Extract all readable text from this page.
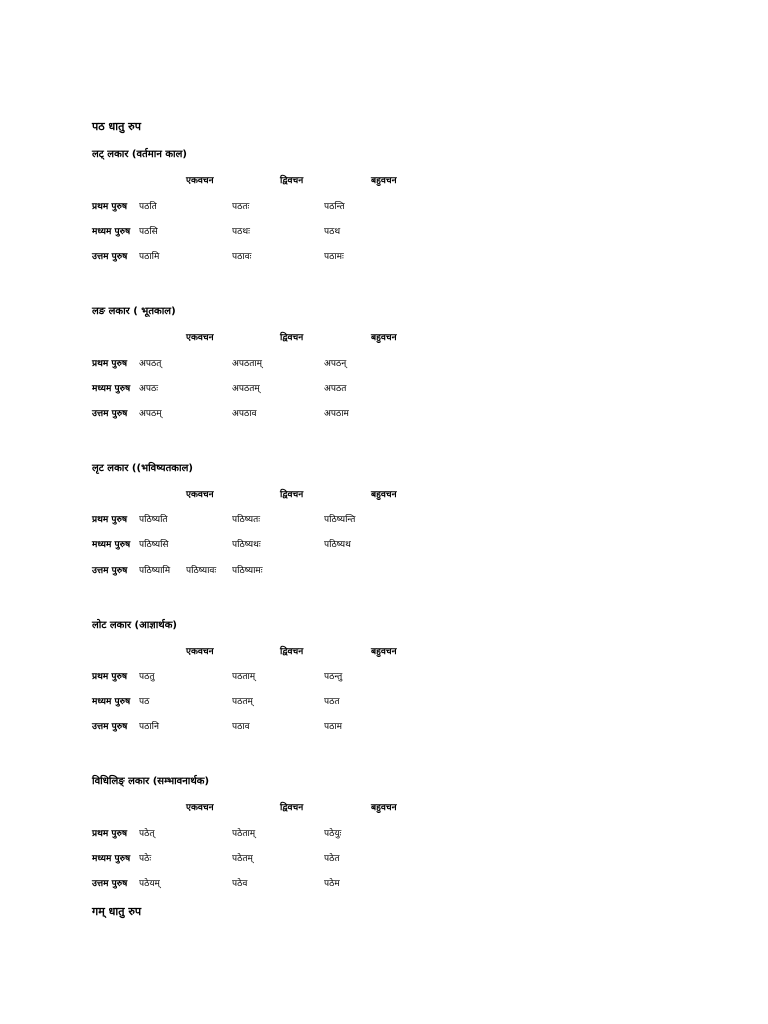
पठ धातु रुप
लट् लकार (वर्तमान काल)
एकवचन	द्विवचन	बहुवचन
प्रथम पुरुष पठति	पठतः	पठन्ति
मध्यम पुरुष पठसि	पठथः	पठथ
उत्तम पुरुष पठामि	पठावः	पठामः
लङ लकार ( भूतकाल)
एकवचन	द्विवचन	बहुवचन
प्रथम पुरुष अपठत्	अपठताम्	अपठन्
मध्यम पुरुष अपठः	अपठतम्	अपठत
उत्तम पुरुष अपठम्	अपठाव	अपठाम
लृट लकार ((भविष्यतकाल)
एकवचन	द्विवचन	बहुवचन
प्रथम पुरुष पठिष्यति	पठिष्यतः	पठिष्यन्ति
मध्यम पुरुष पठिष्यसि	पठिष्यथः	पठिष्यथ
उत्तम पुरुष पठिष्यामि पठिष्यावः पठिष्यामः
लोट लकार (आज्ञार्थक)
एकवचन	द्विवचन	बहुवचन
प्रथम पुरुष पठतु	पठताम्	पठन्तु
मध्यम पुरुष पठ	पठतम्	पठत
उत्तम पुरुष पठानि	पठाव	पठाम
विधिलिङ् लकार (सम्भावनार्थक)
एकवचन	द्विवचन	बहुवचन
प्रथम पुरुष पठेत्	पठेताम्	पठेयुः
मध्यम पुरुष पठेः	पठेतम्	पठेत
उत्तम पुरुष पठेयम्	पठेव	पठेम
गम् धातु रुप
